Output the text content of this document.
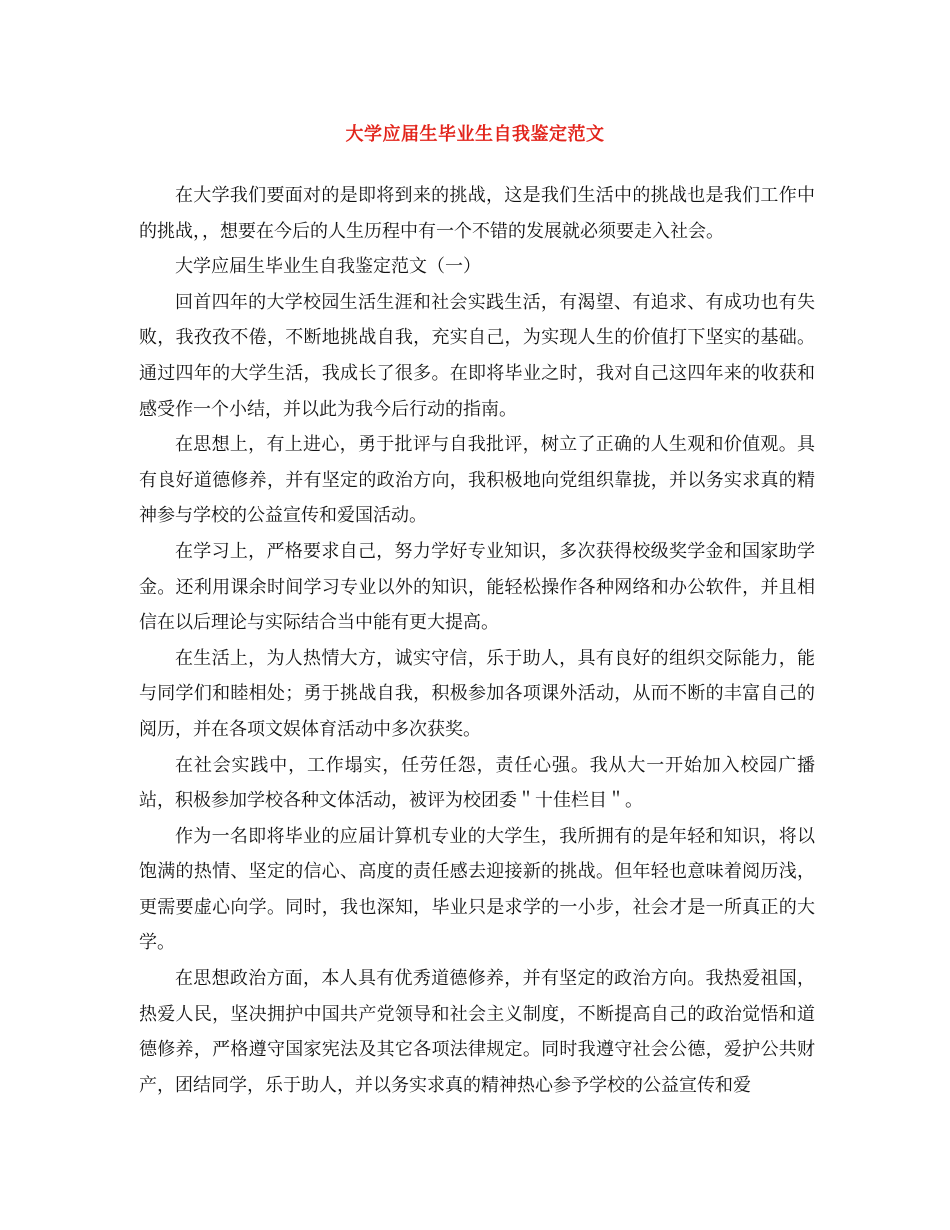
大学应届生毕业生自我鉴定范文

在大学我们要面对的是即将到来的挑战，这是我们生活中的挑战也是我们工作中的挑战，，想要在今后的人生历程中有一个不错的发展就必须要走入社会。

大学应届生毕业生自我鉴定范文（一）

回首四年的大学校园生活生涯和社会实践生活，有渴望、有追求、有成功也有失败，我孜孜不倦，不断地挑战自我，充实自己，为实现人生的价值打下坚实的基础。通过四年的大学生活，我成长了很多。在即将毕业之时，我对自己这四年来的收获和感受作一个小结，并以此为我今后行动的指南。

在思想上，有上进心，勇于批评与自我批评，树立了正确的人生观和价值观。具有良好道德修养，并有坚定的政治方向，我积极地向党组织靠拢，并以务实求真的精神参与学校的公益宣传和爱国活动。

在学习上，严格要求自己，努力学好专业知识，多次获得校级奖学金和国家助学金。还利用课余时间学习专业以外的知识，能轻松操作各种网络和办公软件，并且相信在以后理论与实际结合当中能有更大提高。

在生活上，为人热情大方，诚实守信，乐于助人，具有良好的组织交际能力，能与同学们和睦相处；勇于挑战自我，积极参加各项课外活动，从而不断的丰富自己的阅历，并在各项文娱体育活动中多次获奖。

在社会实践中，工作塌实，任劳任怨，责任心强。我从大一开始加入校园广播站，积极参加学校各种文体活动，被评为校团委＂十佳栏目＂。

作为一名即将毕业的应届计算机专业的大学生，我所拥有的是年轻和知识，将以饱满的热情、坚定的信心、高度的责任感去迎接新的挑战。但年轻也意味着阅历浅，更需要虚心向学。同时，我也深知，毕业只是求学的一小步，社会才是一所真正的大学。

在思想政治方面，本人具有优秀道德修养，并有坚定的政治方向。我热爱祖国，热爱人民，坚决拥护中国共产党领导和社会主义制度，不断提高自己的政治觉悟和道德修养，严格遵守国家宪法及其它各项法律规定。同时我遵守社会公德，爱护公共财产，团结同学，乐于助人，并以务实求真的精神热心参予学校的公益宣传和爱
